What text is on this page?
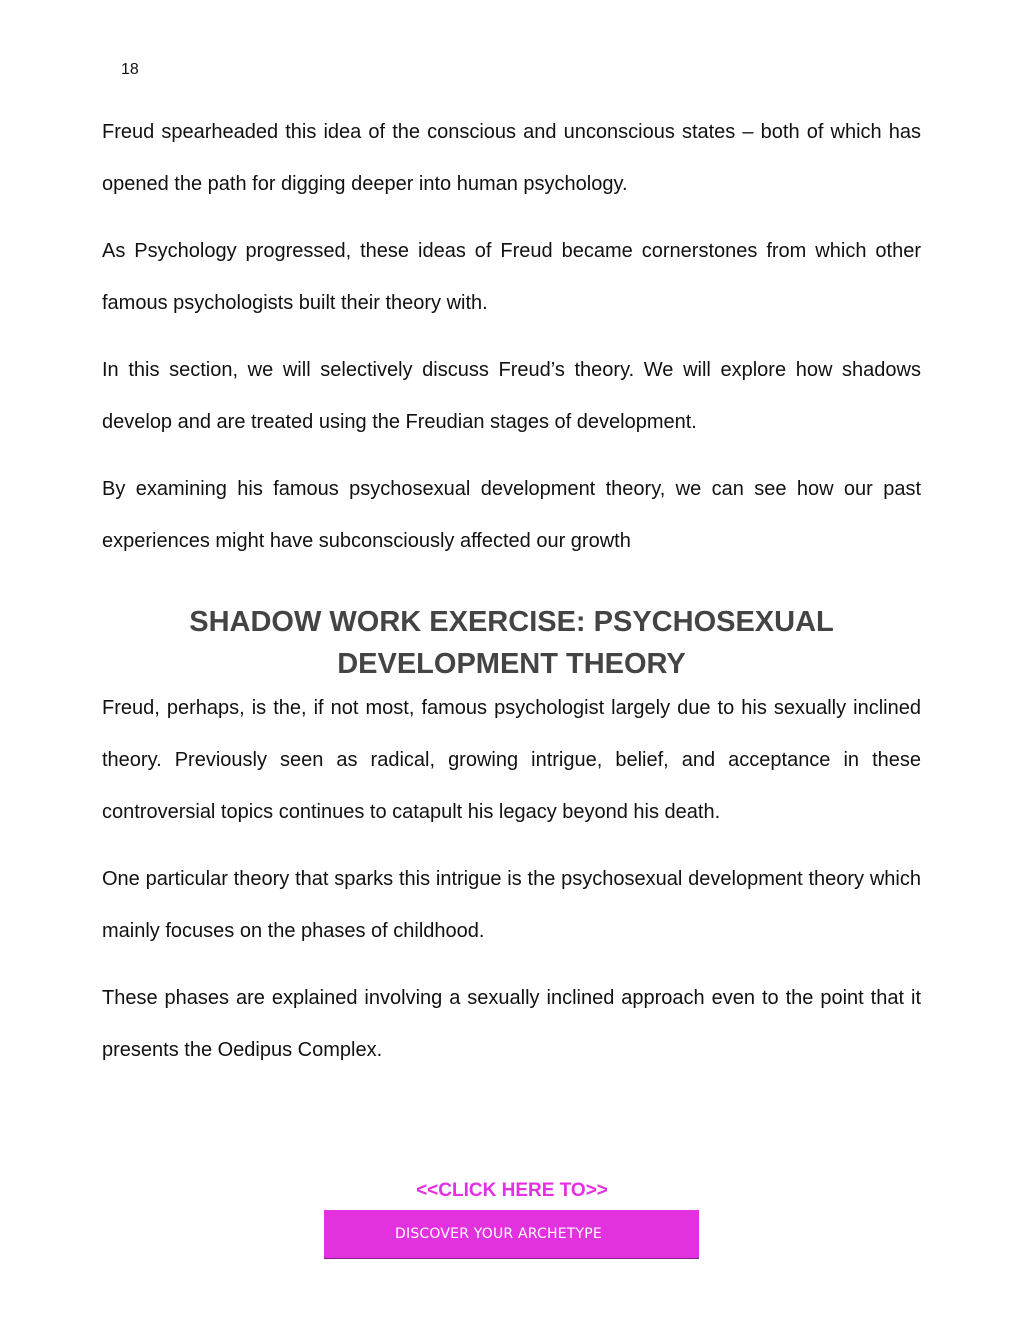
18

Freud spearheaded this idea of the conscious and unconscious states – both of which has opened the path for digging deeper into human psychology.

As Psychology progressed, these ideas of Freud became cornerstones from which other famous psychologists built their theory with.

In this section, we will selectively discuss Freud’s theory. We will explore how shadows develop and are treated using the Freudian stages of development.

By examining his famous psychosexual development theory, we can see how our past experiences might have subconsciously affected our growth

SHADOW WORK EXERCISE: PSYCHOSEXUAL
DEVELOPMENT THEORY

Freud, perhaps, is the, if not most, famous psychologist largely due to his sexually inclined theory. Previously seen as radical, growing intrigue, belief, and acceptance in these controversial topics continues to catapult his legacy beyond his death.

One particular theory that sparks this intrigue is the psychosexual development theory which mainly focuses on the phases of childhood.

These phases are explained involving a sexually inclined approach even to the point that it presents the Oedipus Complex.

<<CLICK HERE TO>>
DISCOVER YOUR ARCHETYPE
